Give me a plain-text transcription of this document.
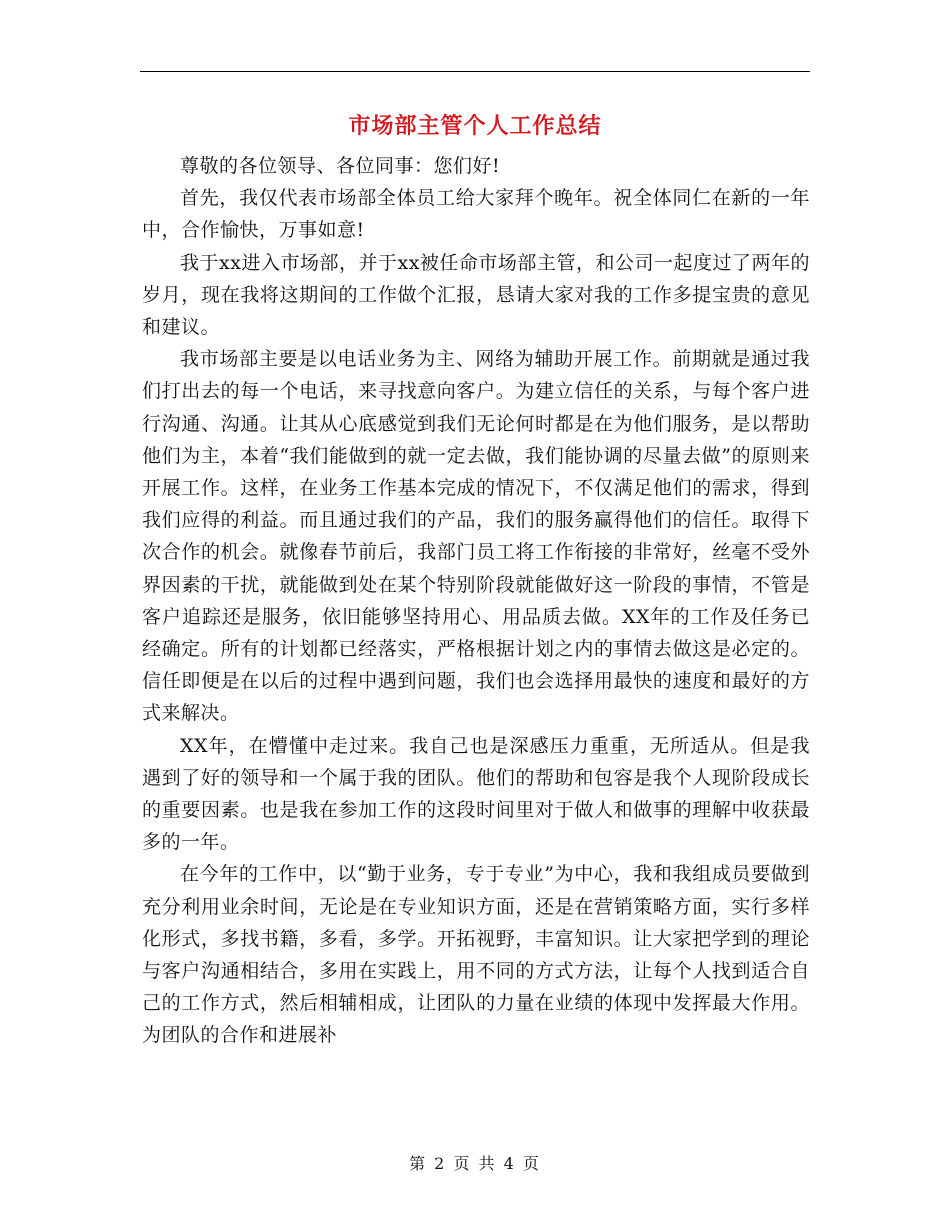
市场部主管个人工作总结

尊敬的各位领导、各位同事：您们好!

首先，我仅代表市场部全体员工给大家拜个晚年。祝全体同仁在新的一年中，合作愉快，万事如意!

我于xx进入市场部，并于xx被任命市场部主管，和公司一起度过了两年的岁月，现在我将这期间的工作做个汇报，恳请大家对我的工作多提宝贵的意见和建议。

我市场部主要是以电话业务为主、网络为辅助开展工作。前期就是通过我们打出去的每一个电话，来寻找意向客户。为建立信任的关系，与每个客户进行沟通、沟通。让其从心底感觉到我们无论何时都是在为他们服务，是以帮助他们为主，本着“我们能做到的就一定去做，我们能协调的尽量去做”的原则来开展工作。这样，在业务工作基本完成的情况下，不仅满足他们的需求，得到我们应得的利益。而且通过我们的产品，我们的服务赢得他们的信任。取得下次合作的机会。就像春节前后，我部门员工将工作衔接的非常好，丝毫不受外界因素的干扰，就能做到处在某个特别阶段就能做好这一阶段的事情，不管是客户追踪还是服务，依旧能够坚持用心、用品质去做。XX年的工作及任务已经确定。所有的计划都已经落实，严格根据计划之内的事情去做这是必定的。信任即便是在以后的过程中遇到问题，我们也会选择用最快的速度和最好的方式来解决。

XX年，在懵懂中走过来。我自己也是深感压力重重，无所适从。但是我遇到了好的领导和一个属于我的团队。他们的帮助和包容是我个人现阶段成长的重要因素。也是我在参加工作的这段时间里对于做人和做事的理解中收获最多的一年。

在今年的工作中，以“勤于业务，专于专业”为中心，我和我组成员要做到充分利用业余时间，无论是在专业知识方面，还是在营销策略方面，实行多样化形式，多找书籍，多看，多学。开拓视野，丰富知识。让大家把学到的理论与客户沟通相结合，多用在实践上，用不同的方式方法，让每个人找到适合自己的工作方式，然后相辅相成，让团队的力量在业绩的体现中发挥最大作用。为团队的合作和进展补

第 2 页 共 4 页
